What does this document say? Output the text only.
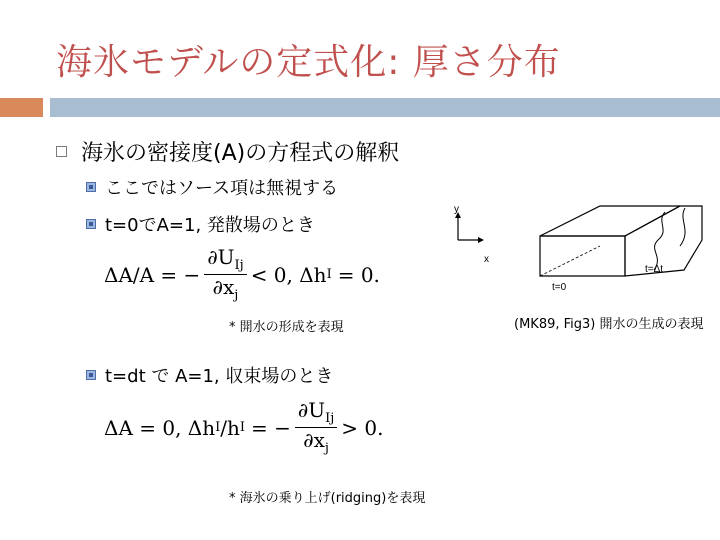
海氷モデルの定式化: 厚さ分布
海氷の密接度(A)の方程式の解釈
ここではソース項は無視する
t=0でA=1, 発散場のとき
ΔA/A = − $\frac{\partial U_{Ij}}{\partial x_j} < 0$, Δh I = 0.
* 開水の形成を表現
t=dt で A=1, 収束場のとき
ΔA = 0, Δh I /h I = − $\frac{\partial U_{Ij}}{\partial x_j} > 0$.
* 海氷の乗り上げ(ridging)を表現
y
x
t=0
t=Δt
(MK89, Fig3) 開水の生成の表現
